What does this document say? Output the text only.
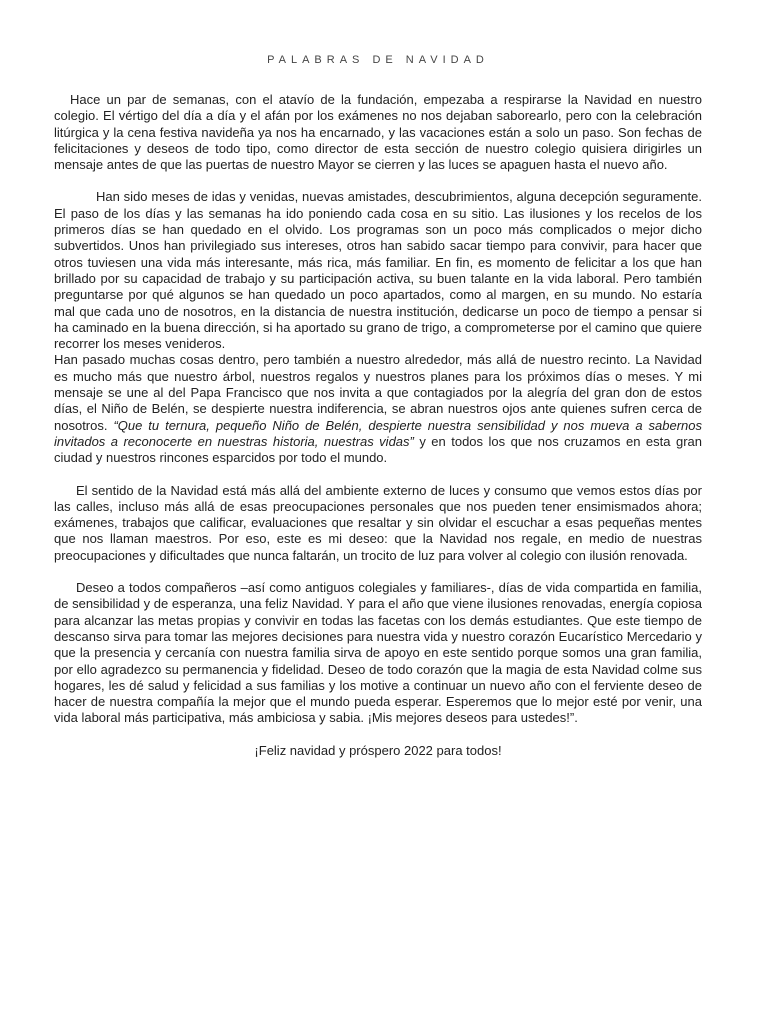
PALABRAS DE NAVIDAD

Hace un par de semanas, con el atavío de la fundación, empezaba a respirarse la Navidad en nuestro colegio. El vértigo del día a día y el afán por los exámenes no nos dejaban saborearlo, pero con la celebración litúrgica y la cena festiva navideña ya nos ha encarnado, y las vacaciones están a solo un paso. Son fechas de felicitaciones y deseos de todo tipo, como director de esta sección de nuestro colegio quisiera dirigirles un mensaje antes de que las puertas de nuestro Mayor se cierren y las luces se apaguen hasta el nuevo año.

Han sido meses de idas y venidas, nuevas amistades, descubrimientos, alguna decepción seguramente. El paso de los días y las semanas ha ido poniendo cada cosa en su sitio. Las ilusiones y los recelos de los primeros días se han quedado en el olvido. Los programas son un poco más complicados o mejor dicho subvertidos. Unos han privilegiado sus intereses, otros han sabido sacar tiempo para convivir, para hacer que otros tuviesen una vida más interesante, más rica, más familiar. En fin, es momento de felicitar a los que han brillado por su capacidad de trabajo y su participación activa, su buen talante en la vida laboral. Pero también preguntarse por qué algunos se han quedado un poco apartados, como al margen, en su mundo. No estaría mal que cada uno de nosotros, en la distancia de nuestra institución, dedicarse un poco de tiempo a pensar si ha caminado en la buena dirección, si ha aportado su grano de trigo, a comprometerse por el camino que quiere recorrer los meses venideros.

Han pasado muchas cosas dentro, pero también a nuestro alrededor, más allá de nuestro recinto. La Navidad es mucho más que nuestro árbol, nuestros regalos y nuestros planes para los próximos días o meses. Y mi mensaje se une al del Papa Francisco que nos invita a que contagiados por la alegría del gran don de estos días, el Niño de Belén, se despierte nuestra indiferencia, se abran nuestros ojos ante quienes sufren cerca de nosotros. “Que tu ternura, pequeño Niño de Belén, despierte nuestra sensibilidad y nos mueva a sabernos invitados a reconocerte en nuestras historia, nuestras vidas” y en todos los que nos cruzamos en esta gran ciudad y nuestros rincones esparcidos por todo el mundo.

El sentido de la Navidad está más allá del ambiente externo de luces y consumo que vemos estos días por las calles, incluso más allá de esas preocupaciones personales que nos pueden tener ensimismados ahora; exámenes, trabajos que calificar, evaluaciones que resaltar y sin olvidar el escuchar a esas pequeñas mentes que nos llaman maestros. Por eso, este es mi deseo: que la Navidad nos regale, en medio de nuestras preocupaciones y dificultades que nunca faltarán, un trocito de luz para volver al colegio con ilusión renovada.

Deseo a todos compañeros –así como antiguos colegiales y familiares-, días de vida compartida en familia, de sensibilidad y de esperanza, una feliz Navidad. Y para el año que viene ilusiones renovadas, energía copiosa para alcanzar las metas propias y convivir en todas las facetas con los demás estudiantes. Que este tiempo de descanso sirva para tomar las mejores decisiones para nuestra vida y nuestro corazón Eucarístico Mercedario y que la presencia y cercanía con nuestra familia sirva de apoyo en este sentido porque somos una gran familia, por ello agradezco su permanencia y fidelidad. Deseo de todo corazón que la magia de esta Navidad colme sus hogares, les dé salud y felicidad a sus familias y los motive a continuar un nuevo año con el ferviente deseo de hacer de nuestra compañía la mejor que el mundo pueda esperar. Esperemos que lo mejor esté por venir, una vida laboral más participativa, más ambiciosa y sabia. ¡Mis mejores deseos para ustedes!”.

¡Feliz navidad y próspero 2022 para todos!
